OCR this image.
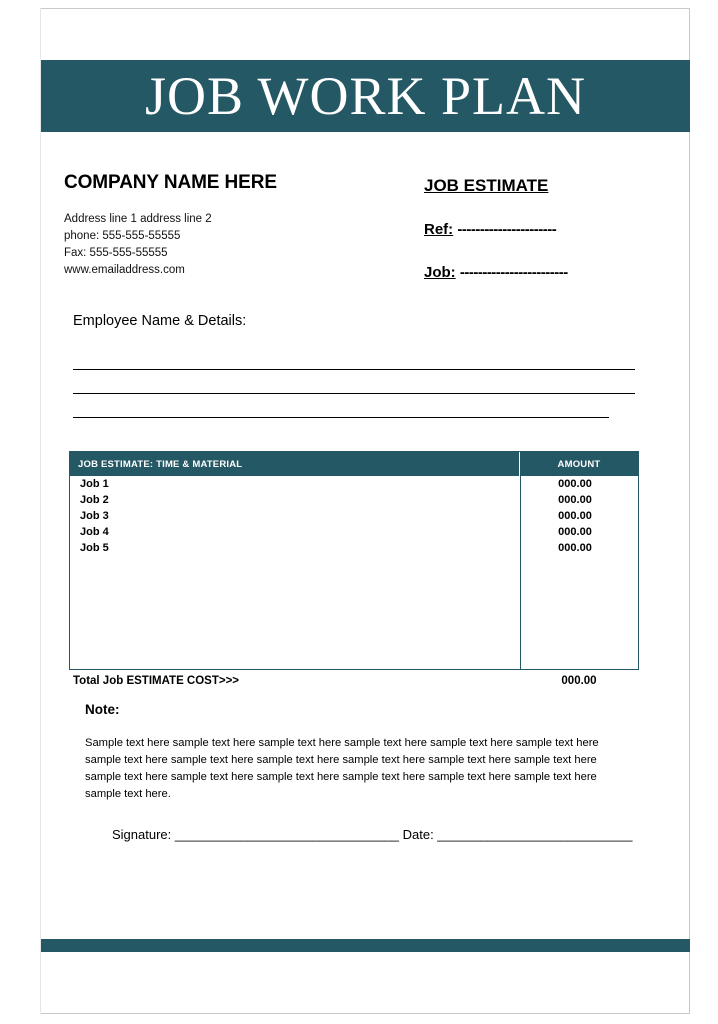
JOB WORK PLAN
COMPANY NAME HERE
Address line 1 address line 2
phone: 555-555-55555
Fax: 555-555-55555
www.emailaddress.com
JOB ESTIMATE
Ref: ----------------------
Job: ------------------------
Employee Name & Details:
JOB ESTIMATE: TIME & MATERIAL	AMOUNT
Job 1	000.00
Job 2	000.00
Job 3	000.00
Job 4	000.00
Job 5	000.00
Total Job ESTIMATE COST>>>	000.00
Note:
Sample text here sample text here sample text here sample text here sample text here sample text here sample text here sample text here sample text here sample text here sample text here sample text here sample text here sample text here sample text here sample text here sample text here sample text here sample text here.
Signature: _______________________________ Date: ___________________________
